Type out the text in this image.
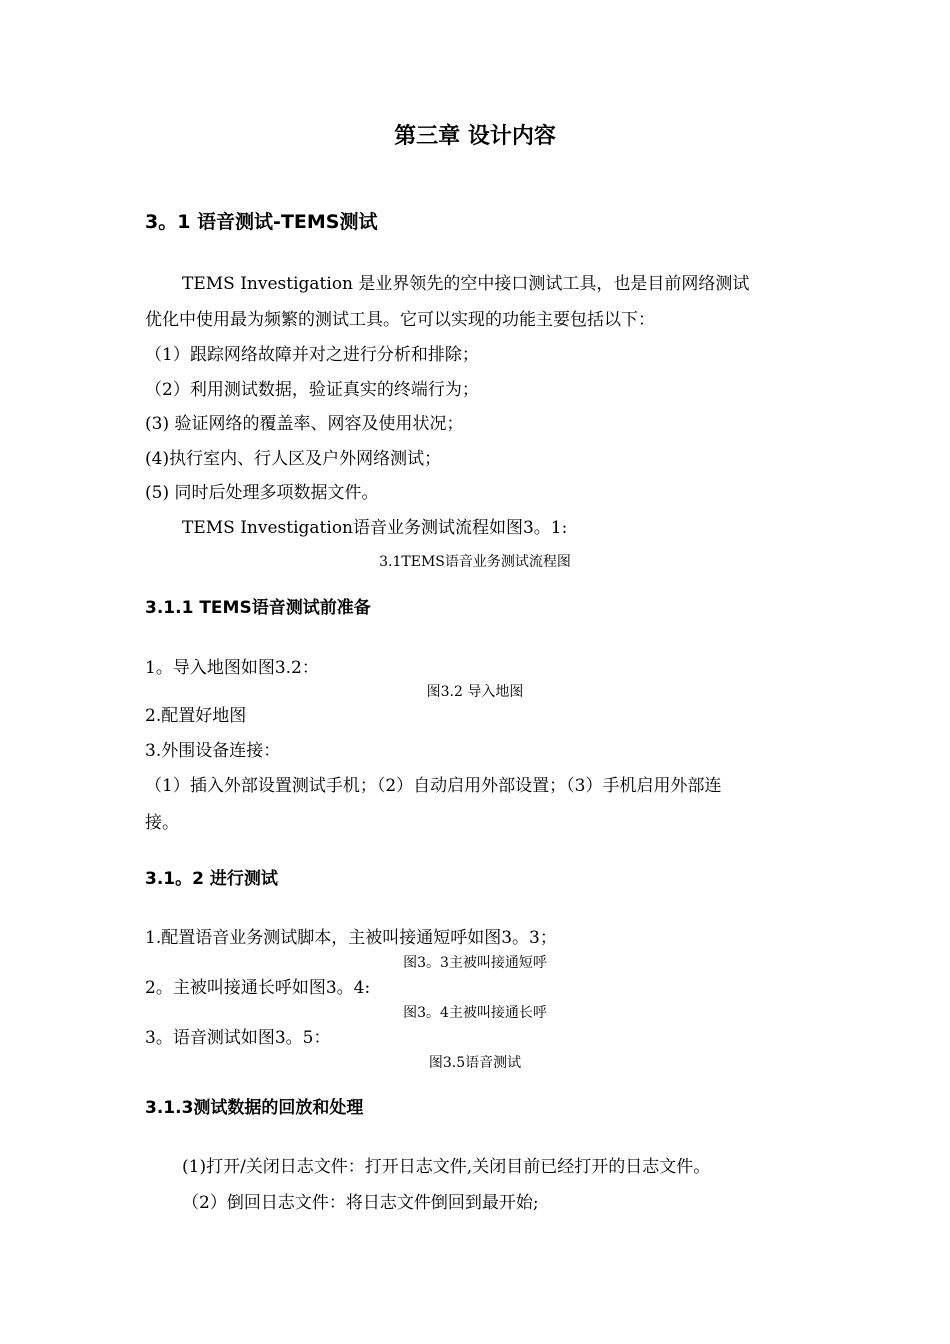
第三章 设计内容
3。1 语音测试-TEMS测试
TEMS Investigation 是业界领先的空中接口测试工具，也是目前网络测试
优化中使用最为频繁的测试工具。它可以实现的功能主要包括以下：
（1）跟踪网络故障并对之进行分析和排除；
（2）利用测试数据，验证真实的终端行为；
(3) 验证网络的覆盖率、网容及使用状况；
(4)执行室内、行人区及户外网络测试；
(5) 同时后处理多项数据文件。
TEMS Investigation语音业务测试流程如图3。1:
3.1TEMS语音业务测试流程图
3.1.1 TEMS语音测试前准备
1。导入地图如图3.2：
图3.2 导入地图
2.配置好地图
3.外围设备连接：
（1）插入外部设置测试手机；（2）自动启用外部设置；（3）手机启用外部连
接。
3.1。2 进行测试
1.配置语音业务测试脚本，主被叫接通短呼如图3。3；
图3。3主被叫接通短呼
2。主被叫接通长呼如图3。4:
图3。4主被叫接通长呼
3。语音测试如图3。5：
图3.5语音测试
3.1.3测试数据的回放和处理
(1)打开/关闭日志文件：打开日志文件,关闭目前已经打开的日志文件。
（2）倒回日志文件：将日志文件倒回到最开始;
